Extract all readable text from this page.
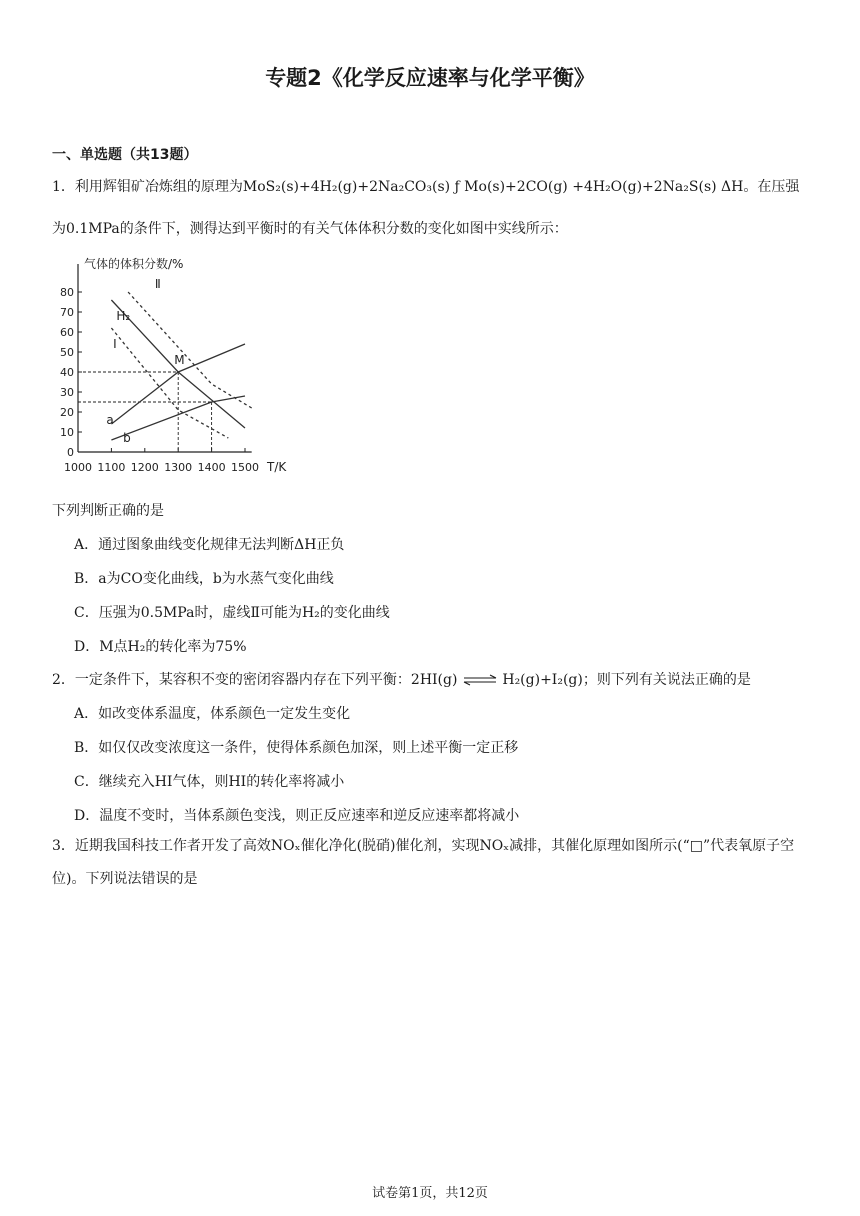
专题2《化学反应速率与化学平衡》
一、单选题（共13题）
1．利用辉钼矿冶炼组的原理为MoS₂(s)+4H₂(g)+2Na₂CO₃(s) ƒ Mo(s)+2CO(g) +4H₂O(g)+2Na₂S(s) ΔH。在压强
为0.1MPa的条件下，测得达到平衡时的有关气体体积分数的变化如图中实线所示：
气体的体积分数/%
T/K
0
10
20
30
40
50
60
70
80
1000 1100 1200 1300 1400 1500
H₂
a
b
Ⅰ
Ⅱ
M
下列判断正确的是
A．通过图象曲线变化规律无法判断ΔH正负
B．a为CO变化曲线，b为水蒸气变化曲线
C．压强为0.5MPa时，虚线Ⅱ可能为H₂的变化曲线
D．M点H₂的转化率为75%
2．一定条件下，某容积不变的密闭容器内存在下列平衡：2HI(g) ⇌ H₂(g)+I₂(g)；则下列有关说法正确的是
A．如改变体系温度，体系颜色一定发生变化
B．如仅仅改变浓度这一条件，使得体系颜色加深，则上述平衡一定正移
C．继续充入HI气体，则HI的转化率将减小
D．温度不变时，当体系颜色变浅，则正反应速率和逆反应速率都将减小
3．近期我国科技工作者开发了高效NOₓ催化净化(脱硝)催化剂，实现NOₓ减排，其催化原理如图所示(“□”代表氧原子空位)。下列说法错误的是
试卷第1页，共12页
